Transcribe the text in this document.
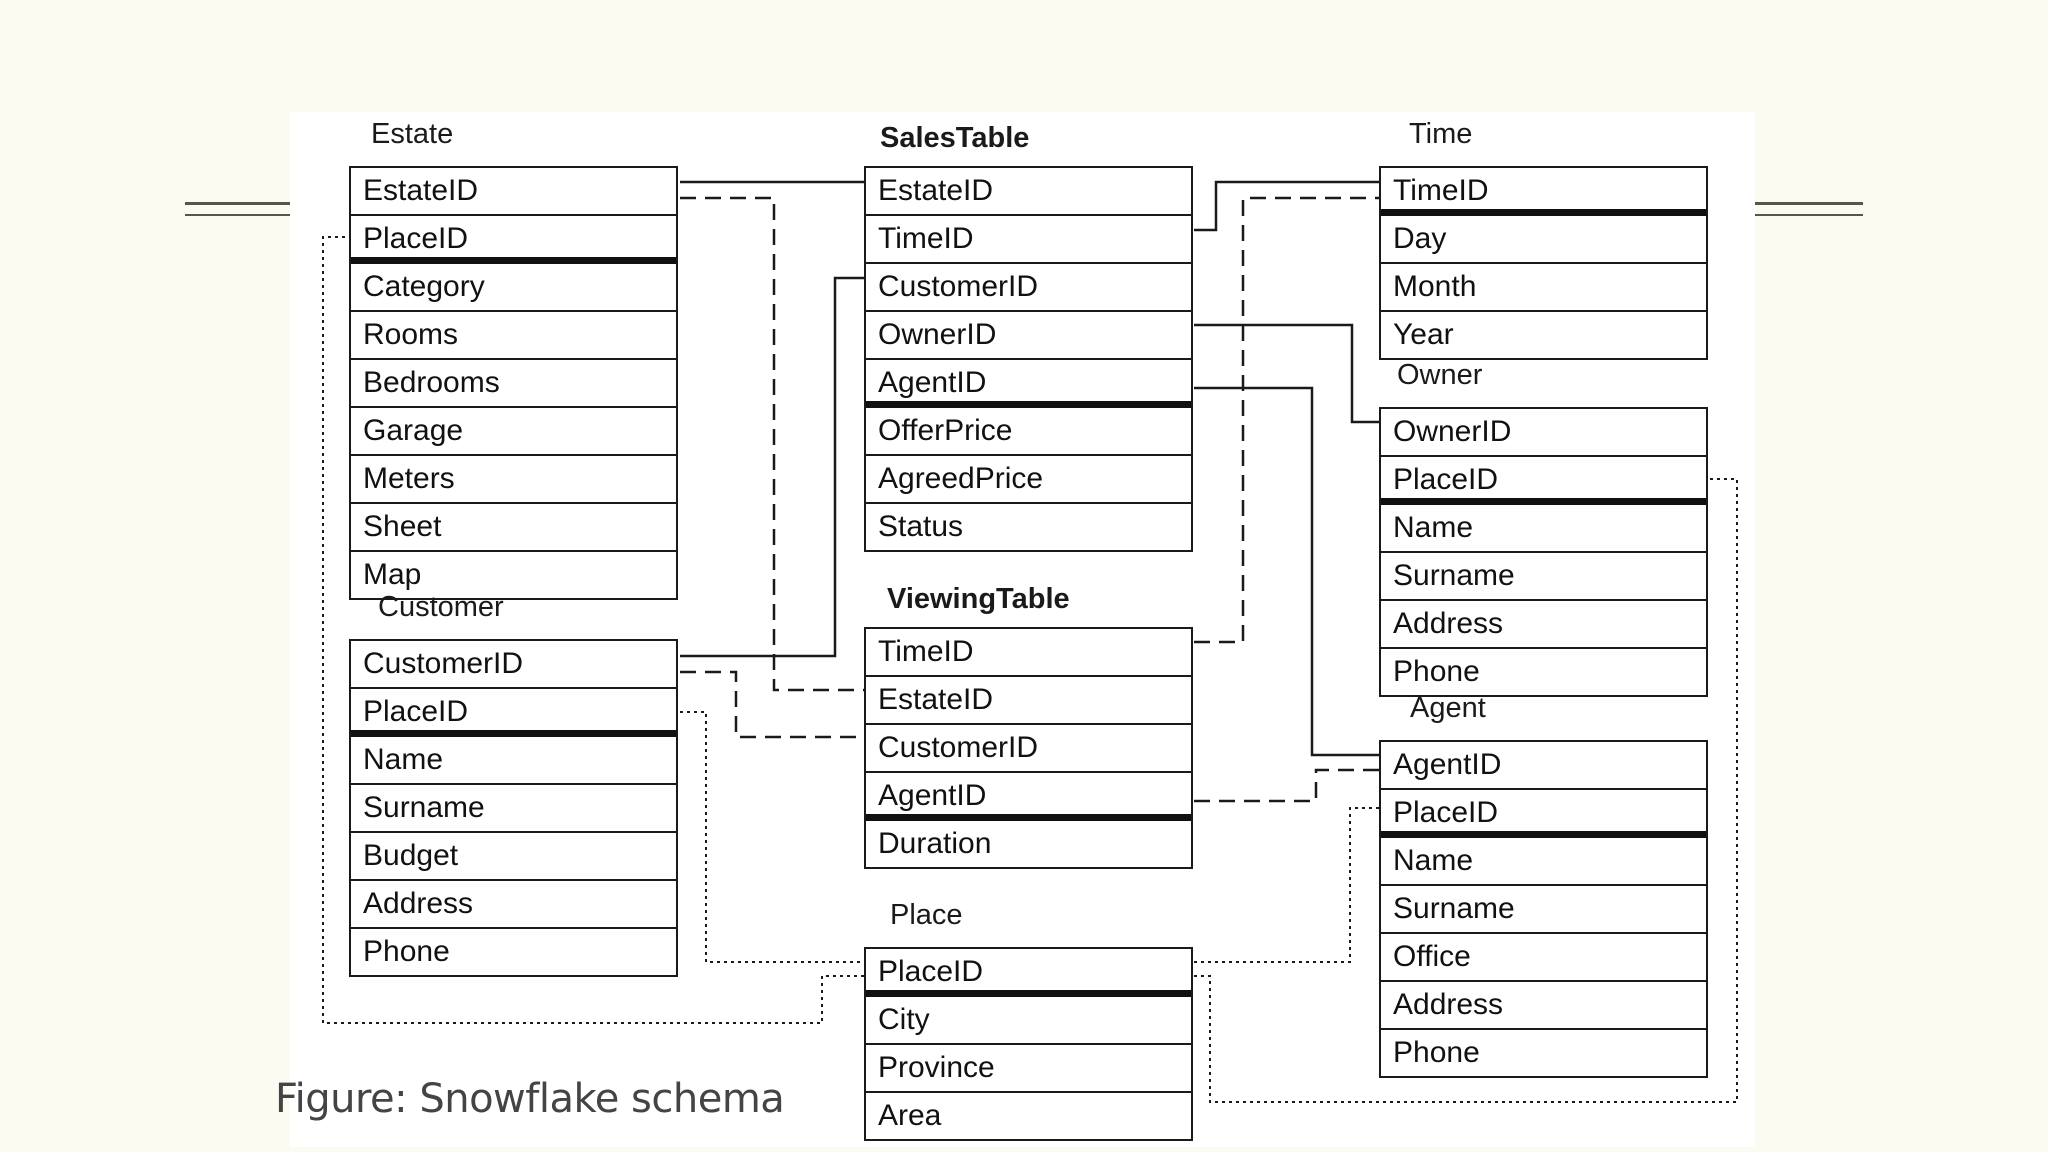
Estate
EstateID
PlaceID
Category
Rooms
Bedrooms
Garage
Meters
Sheet
Map
Customer
CustomerID
PlaceID
Name
Surname
Budget
Address
Phone
SalesTable
EstateID
TimeID
CustomerID
OwnerID
AgentID
OfferPrice
AgreedPrice
Status
ViewingTable
TimeID
EstateID
CustomerID
AgentID
Duration
Place
PlaceID
City
Province
Area
Time
TimeID
Day
Month
Year
Owner
OwnerID
PlaceID
Name
Surname
Address
Phone
Agent
AgentID
PlaceID
Name
Surname
Office
Address
Phone
Figure: Snowflake schema
